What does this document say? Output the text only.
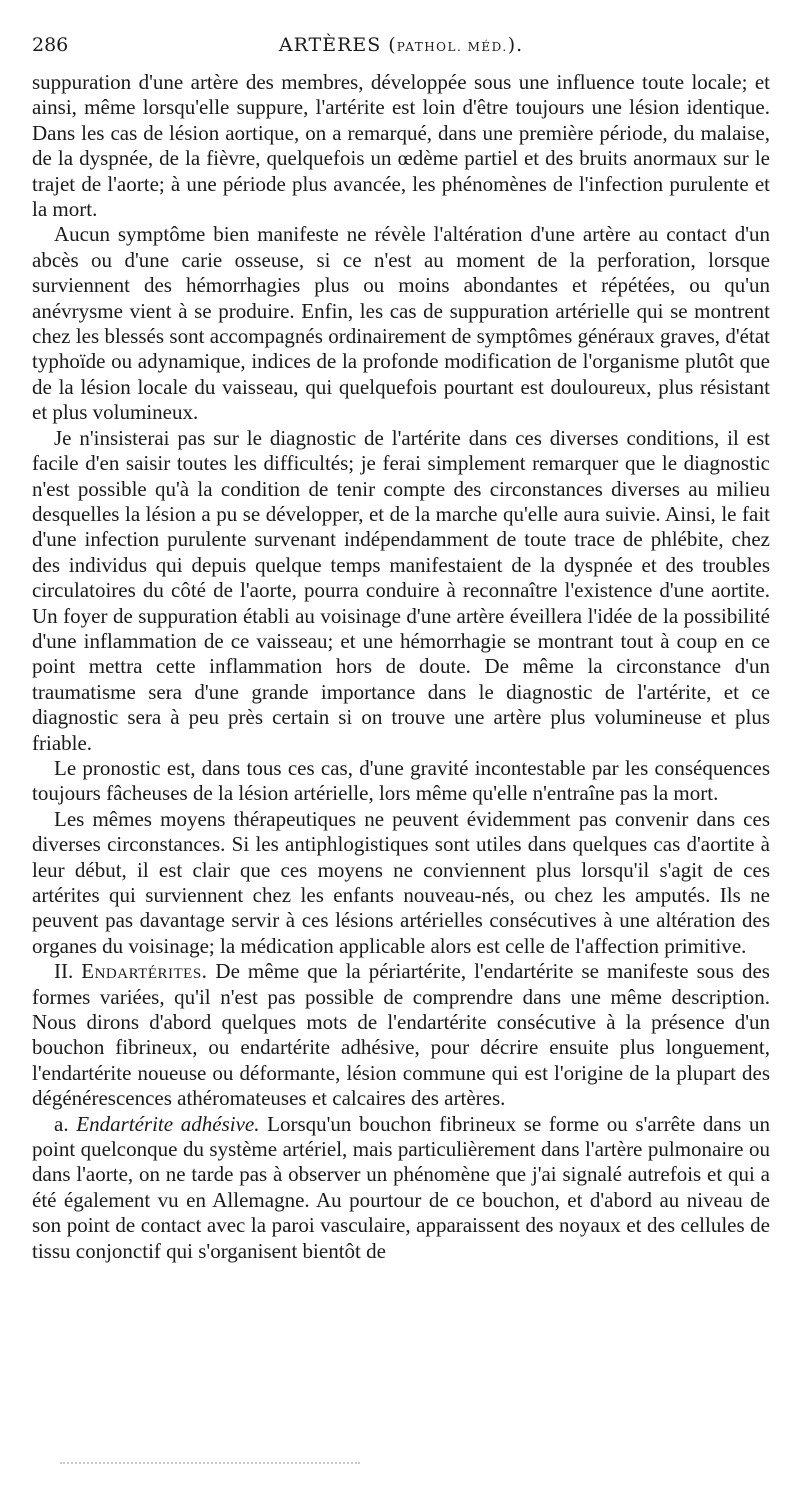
286	ARTÈRES (PATHOL. MÉD.).

suppuration d'une artère des membres, développée sous une influence toute locale; et ainsi, même lorsqu'elle suppure, l'artérite est loin d'être toujours une lésion identique. Dans les cas de lésion aortique, on a remarqué, dans une première période, du malaise, de la dyspnée, de la fièvre, quelquefois un œdème partiel et des bruits anormaux sur le trajet de l'aorte; à une période plus avancée, les phénomènes de l'infection purulente et la mort.

Aucun symptôme bien manifeste ne révèle l'altération d'une artère au contact d'un abcès ou d'une carie osseuse, si ce n'est au moment de la perforation, lorsque surviennent des hémorrhagies plus ou moins abondantes et répétées, ou qu'un anévrysme vient à se produire. Enfin, les cas de suppuration artérielle qui se montrent chez les blessés sont accompagnés ordinairement de symptômes généraux graves, d'état typhoïde ou adynamique, indices de la profonde modification de l'organisme plutôt que de la lésion locale du vaisseau, qui quelquefois pourtant est douloureux, plus résistant et plus volumineux.

Je n'insisterai pas sur le diagnostic de l'artérite dans ces diverses conditions, il est facile d'en saisir toutes les difficultés; je ferai simplement remarquer que le diagnostic n'est possible qu'à la condition de tenir compte des circonstances diverses au milieu desquelles la lésion a pu se développer, et de la marche qu'elle aura suivie. Ainsi, le fait d'une infection purulente survenant indépendamment de toute trace de phlébite, chez des individus qui depuis quelque temps manifestaient de la dyspnée et des troubles circulatoires du côté de l'aorte, pourra conduire à reconnaître l'existence d'une aortite. Un foyer de suppuration établi au voisinage d'une artère éveillera l'idée de la possibilité d'une inflammation de ce vaisseau; et une hémorrhagie se montrant tout à coup en ce point mettra cette inflammation hors de doute. De même la circonstance d'un traumatisme sera d'une grande importance dans le diagnostic de l'artérite, et ce diagnostic sera à peu près certain si on trouve une artère plus volumineuse et plus friable.

Le pronostic est, dans tous ces cas, d'une gravité incontestable par les conséquences toujours fâcheuses de la lésion artérielle, lors même qu'elle n'entraîne pas la mort.

Les mêmes moyens thérapeutiques ne peuvent évidemment pas convenir dans ces diverses circonstances. Si les antiphlogistiques sont utiles dans quelques cas d'aortite à leur début, il est clair que ces moyens ne conviennent plus lorsqu'il s'agit de ces artérites qui surviennent chez les enfants nouveau-nés, ou chez les amputés. Ils ne peuvent pas davantage servir à ces lésions artérielles consécutives à une altération des organes du voisinage; la médication applicable alors est celle de l'affection primitive.

II. Endartérites. De même que la périartérite, l'endartérite se manifeste sous des formes variées, qu'il n'est pas possible de comprendre dans une même description. Nous dirons d'abord quelques mots de l'endartérite consécutive à la présence d'un bouchon fibrineux, ou endartérite adhésive, pour décrire ensuite plus longuement, l'endartérite noueuse ou déformante, lésion commune qui est l'origine de la plupart des dégénérescences athéromateuses et calcaires des artères.

a. Endartérite adhésive. Lorsqu'un bouchon fibrineux se forme ou s'arrête dans un point quelconque du système artériel, mais particulièrement dans l'artère pulmonaire ou dans l'aorte, on ne tarde pas à observer un phénomène que j'ai signalé autrefois et qui a été également vu en Allemagne. Au pourtour de ce bouchon, et d'abord au niveau de son point de contact avec la paroi vasculaire, apparaissent des noyaux et des cellules de tissu conjonctif qui s'organisent bientôt de
